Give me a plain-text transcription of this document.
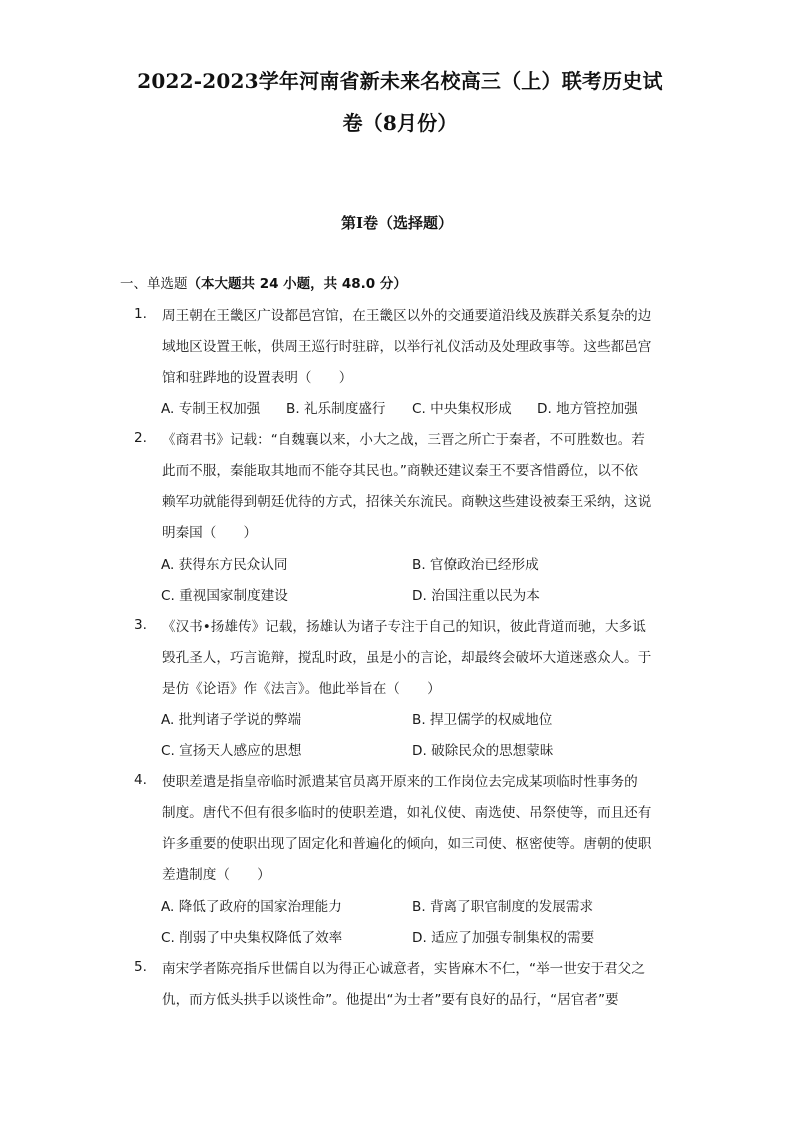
2022-2023学年河南省新未来名校高三（上）联考历史试
卷（8月份）
第I卷（选择题）
一、单选题（本大题共 24 小题，共 48.0 分）
1.	周王朝在王畿区广设都邑宫馆，在王畿区以外的交通要道沿线及族群关系复杂的边
域地区设置王帐，供周王巡行时驻辟，以举行礼仪活动及处理政事等。这些都邑宫
馆和驻跸地的设置表明（　　）
A. 专制王权加强 B. 礼乐制度盛行 C. 中央集权形成 D. 地方管控加强
2.	《商君书》记载：“自魏襄以来，小大之战，三晋之所亡于秦者，不可胜数也。若
此而不服，秦能取其地而不能夺其民也。”商鞅还建议秦王不要吝惜爵位，以不依
赖军功就能得到朝廷优待的方式，招徕关东流民。商鞅这些建设被秦王采纳，这说
明秦国（　　）
A. 获得东方民众认同	B. 官僚政治已经形成
C. 重视国家制度建设	D. 治国注重以民为本
3.	《汉书•扬雄传》记载，扬雄认为诸子专注于自己的知识，彼此背道而驰，大多诋
毁孔圣人，巧言诡辩，搅乱时政，虽是小的言论，却最终会破坏大道迷惑众人。于
是仿《论语》作《法言》。他此举旨在（　　）
A. 批判诸子学说的弊端	B. 捍卫儒学的权威地位
C. 宣扬天人感应的思想	D. 破除民众的思想蒙昧
4.	使职差遣是指皇帝临时派遣某官员离开原来的工作岗位去完成某项临时性事务的
制度。唐代不但有很多临时的使职差遣，如礼仪使、南选使、吊祭使等，而且还有
许多重要的使职出现了固定化和普遍化的倾向，如三司使、枢密使等。唐朝的使职
差遣制度（　　）
A. 降低了政府的国家治理能力	B. 背离了职官制度的发展需求
C. 削弱了中央集权降低了效率	D. 适应了加强专制集权的需要
5.	南宋学者陈亮指斥世儒自以为得正心诚意者，实皆麻木不仁，“举一世安于君父之
仇，而方低头拱手以谈性命”。他提出“为士者”要有良好的品行，“居官者”要
